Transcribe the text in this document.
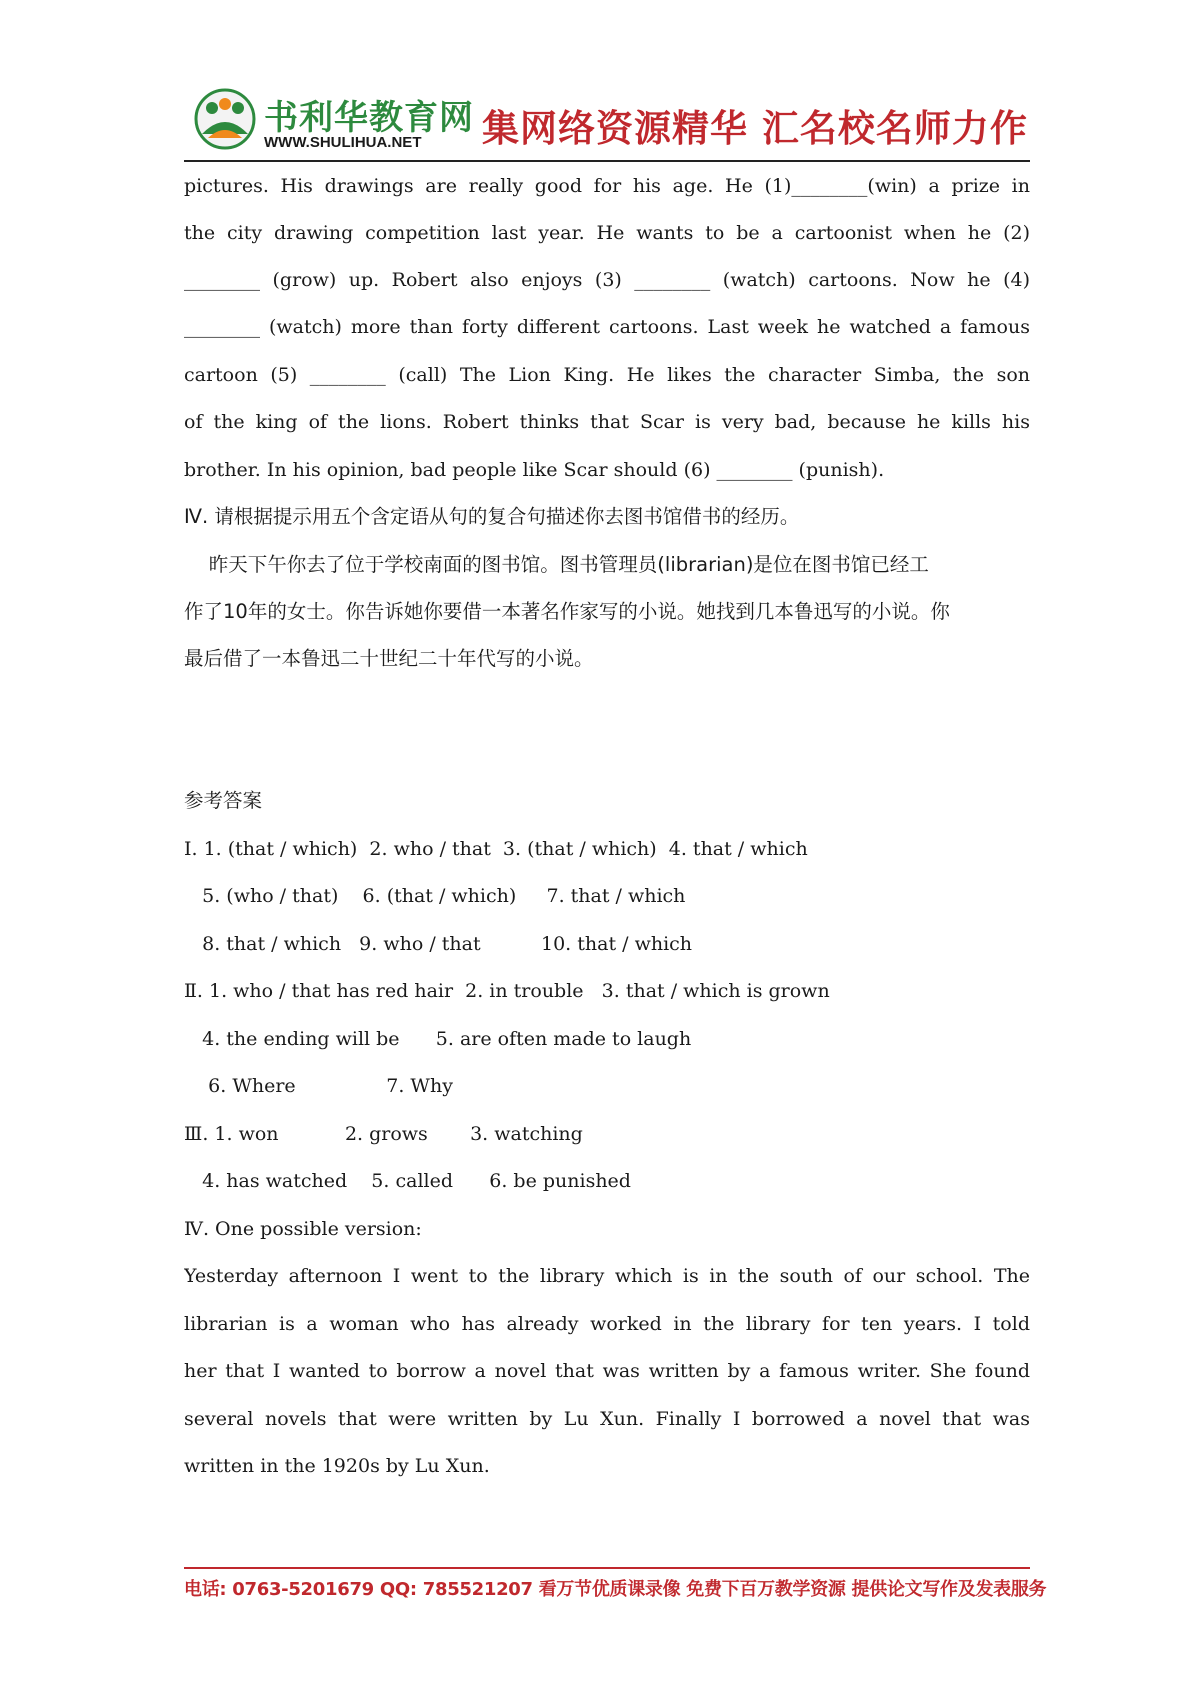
书利华教育网
WWW.SHULIHUA.NET 集网络资源精华 汇名校名师力作
pictures. His drawings are really good for his age. He (1)________(win) a prize in
the city drawing competition last year. He wants to be a cartoonist when he (2)
________ (grow) up. Robert also enjoys (3) ________ (watch) cartoons. Now he (4)
________ (watch) more than forty different cartoons. Last week he watched a famous
cartoon (5) ________ (call) The Lion King. He likes the character Simba, the son
of the king of the lions. Robert thinks that Scar is very bad, because he kills his
brother. In his opinion, bad people like Scar should (6) ________ (punish).
Ⅳ. 请根据提示用五个含定语从句的复合句描述你去图书馆借书的经历。
昨天下午你去了位于学校南面的图书馆。图书管理员(librarian)是位在图书馆已经工
作了10年的女士。你告诉她你要借一本著名作家写的小说。她找到几本鲁迅写的小说。你
最后借了一本鲁迅二十世纪二十年代写的小说。
参考答案
Ⅰ. 1. (that / which)  2. who / that  3. (that / which)  4. that / which
5. (who / that)    6. (that / which)     7. that / which
8. that / which   9. who / that          10. that / which
Ⅱ. 1. who / that has red hair  2. in trouble   3. that / which is grown
4. the ending will be      5. are often made to laugh
6. Where               7. Why
Ⅲ. 1. won           2. grows       3. watching
4. has watched    5. called      6. be punished
Ⅳ. One possible version:
Yesterday afternoon I went to the library which is in the south of our school. The
librarian is a woman who has already worked in the library for ten years. I told
her that I wanted to borrow a novel that was written by a famous writer. She found
several novels that were written by Lu Xun. Finally I borrowed a novel that was
written in the 1920s by Lu Xun.
电话: 0763-5201679 QQ: 785521207 看万节优质课录像 免费下百万教学资源 提供论文写作及发表服务
